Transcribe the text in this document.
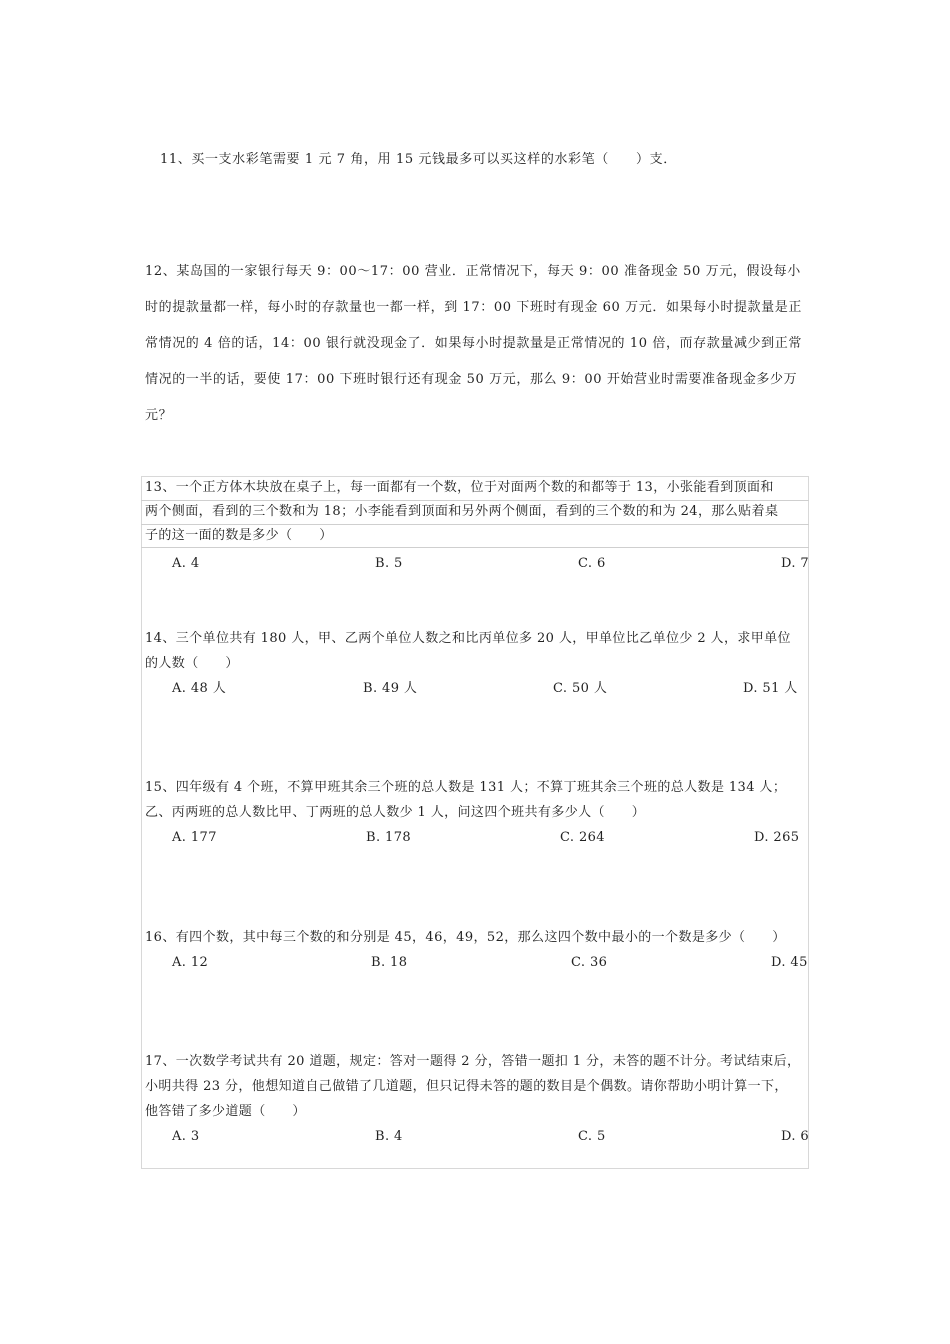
11、买一支水彩笔需要 1 元 7 角，用 15 元钱最多可以买这样的水彩笔（　　）支．
12、某岛国的一家银行每天 9：00～17：00 营业．正常情况下，每天 9：00 准备现金 50 万元，假设每小时的提款量都一样，每小时的存款量也一都一样，到 17：00 下班时有现金 60 万元．如果每小时提款量是正常情况的 4 倍的话，14：00 银行就没现金了．如果每小时提款量是正常情况的 10 倍，而存款量减少到正常情况的一半的话，要使 17：00 下班时银行还有现金 50 万元，那么 9：00 开始营业时需要准备现金多少万元？
13、一个正方体木块放在桌子上，每一面都有一个数，位于对面两个数的和都等于 13，小张能看到顶面和
两个侧面，看到的三个数和为 18；小李能看到顶面和另外两个侧面，看到的三个数的和为 24，那么贴着桌
子的这一面的数是多少（　　）
A. 4	B. 5	C. 6	D. 7
14、三个单位共有 180 人，甲、乙两个单位人数之和比丙单位多 20 人，甲单位比乙单位少 2 人，求甲单位
的人数（　　）
A. 48 人	B. 49 人	C. 50 人	D. 51 人
15、四年级有 4 个班，不算甲班其余三个班的总人数是 131 人；不算丁班其余三个班的总人数是 134 人；
乙、丙两班的总人数比甲、丁两班的总人数少 1 人，问这四个班共有多少人（　　）
A. 177	B. 178	C. 264	D. 265
16、有四个数，其中每三个数的和分别是 45，46，49，52，那么这四个数中最小的一个数是多少（　　）
A. 12	B. 18	C. 36	D. 45
17、一次数学考试共有 20 道题，规定：答对一题得 2 分，答错一题扣 1 分，未答的题不计分。考试结束后，
小明共得 23 分，他想知道自己做错了几道题，但只记得未答的题的数目是个偶数。请你帮助小明计算一下，
他答错了多少道题（　　）
A. 3	B. 4	C. 5	D. 6
